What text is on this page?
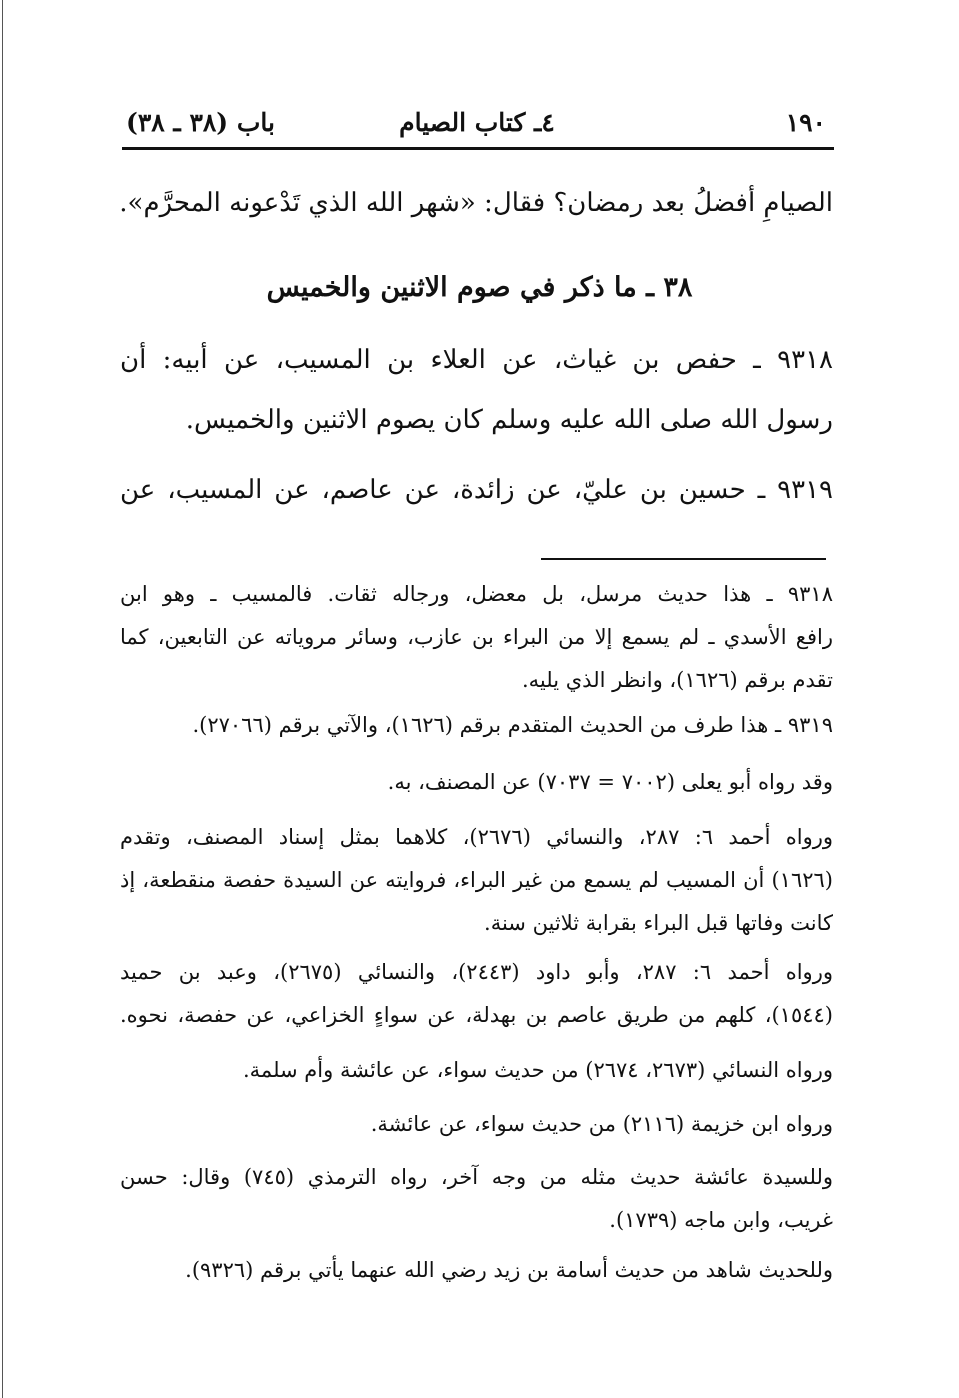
١٩٠
٤ـ كتاب الصيام
باب (٣٨ ـ ٣٨)
الصيامِ أفضلُ بعد رمضان؟ فقال: «شهر الله الذي تَدْعونه المحرَّم».
٣٨ ـ ما ذكر في صوم الاثنين والخميس
٩٣١٨ ـ حفص بن غياث، عن العلاء بن المسيب، عن أبيه: أن
رسول الله صلى الله عليه وسلم كان يصوم الاثنين والخميس.
٩٣١٩ ـ حسين بن عليّ، عن زائدة، عن عاصم، عن المسيب، عن
٩٣١٨ ـ هذا حديث مرسل، بل معضل، ورجاله ثقات. فالمسيب ـ وهو ابن
رافع الأسدي ـ لم يسمع إلا من البراء بن عازب، وسائر مروياته عن التابعين، كما
تقدم برقم (١٦٢٦)، وانظر الذي يليه.
٩٣١٩ ـ هذا طرف من الحديث المتقدم برقم (١٦٢٦)، والآتي برقم (٢٧٠٦٦).
وقد رواه أبو يعلى (٧٠٠٢ = ٧٠٣٧) عن المصنف، به.
ورواه أحمد ٦: ٢٨٧، والنسائي (٢٦٧٦)، كلاهما بمثل إسناد المصنف، وتقدم
(١٦٢٦) أن المسيب لم يسمع من غير البراء، فروايته عن السيدة حفصة منقطعة، إذ
كانت وفاتها قبل البراء بقرابة ثلاثين سنة.
ورواه أحمد ٦: ٢٨٧، وأبو داود (٢٤٤٣)، والنسائي (٢٦٧٥)، وعبد بن حميد
(١٥٤٤)، كلهم من طريق عاصم بن بهدلة، عن سواءٍ الخزاعي، عن حفصة، نحوه.
ورواه النسائي (٢٦٧٣، ٢٦٧٤) من حديث سواء، عن عائشة وأم سلمة.
ورواه ابن خزيمة (٢١١٦) من حديث سواء، عن عائشة.
وللسيدة عائشة حديث مثله من وجه آخر، رواه الترمذي (٧٤٥) وقال: حسن
غريب، وابن ماجه (١٧٣٩).
وللحديث شاهد من حديث أسامة بن زيد رضي الله عنهما يأتي برقم (٩٣٢٦).
